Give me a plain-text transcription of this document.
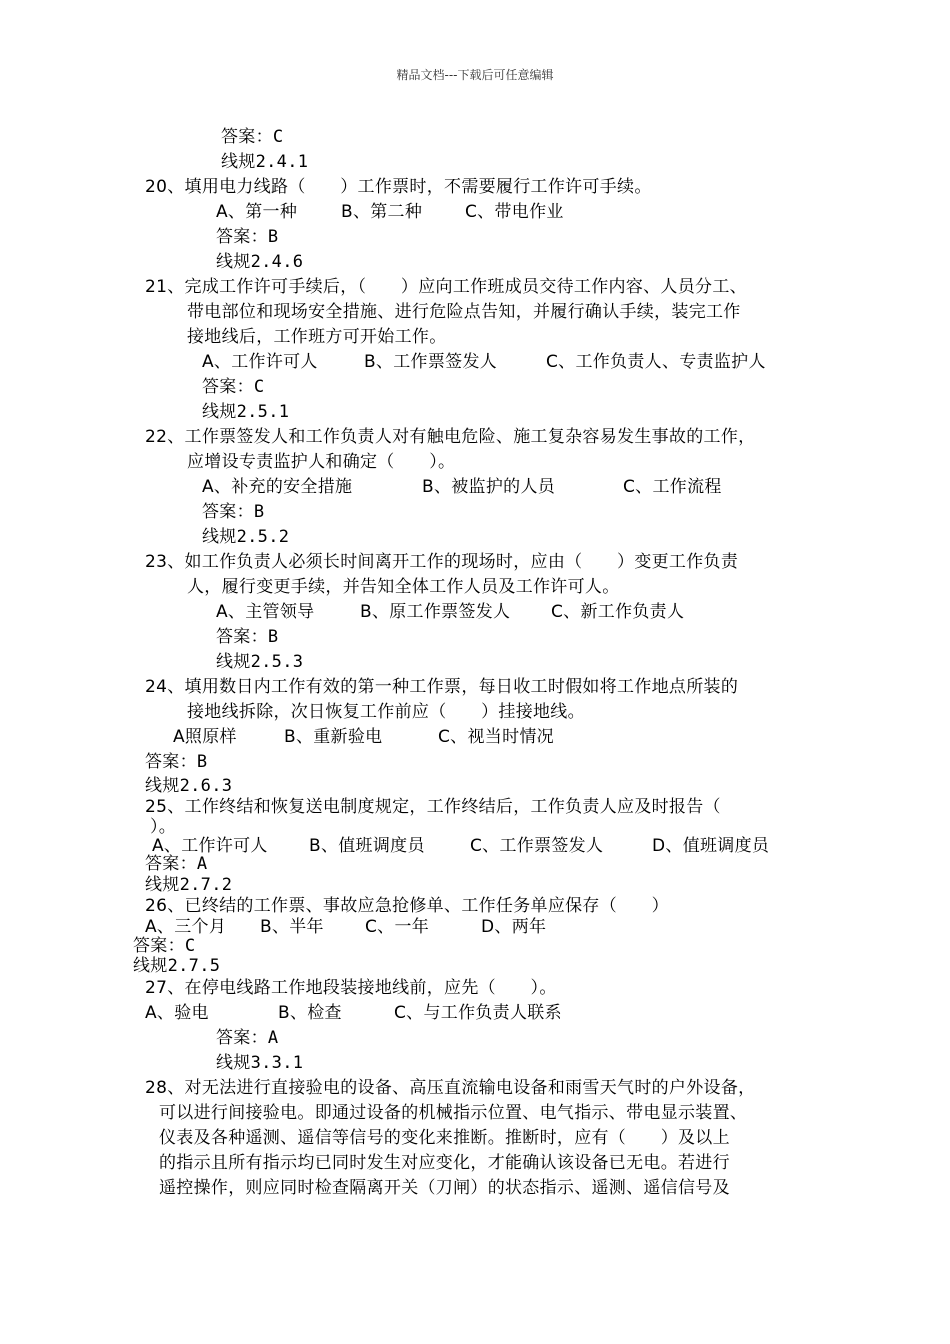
精品文档---下载后可任意编辑
答案：C
线规2.4.1
20、填用电力线路（　　）工作票时，不需要履行工作许可手续。
A、第一种	B、第二种	C、带电作业
答案：B
线规2.4.6
21、完成工作许可手续后，（　　）应向工作班成员交待工作内容、人员分工、
带电部位和现场安全措施、进行危险点告知，并履行确认手续，装完工作
接地线后，工作班方可开始工作。
A、工作许可人	B、工作票签发人	C、工作负责人、专责监护人
答案：C
线规2.5.1
22、工作票签发人和工作负责人对有触电危险、施工复杂容易发生事故的工作，
应增设专责监护人和确定（　　）。
A、补充的安全措施	B、被监护的人员	C、工作流程
答案：B
线规2.5.2
23、如工作负责人必须长时间离开工作的现场时，应由（　　）变更工作负责
人，履行变更手续，并告知全体工作人员及工作许可人。
A、主管领导	B、原工作票签发人 C、新工作负责人
答案：B
线规2.5.3
24、填用数日内工作有效的第一种工作票，每日收工时假如将工作地点所装的
接地线拆除，次日恢复工作前应（　　）挂接地线。
A照原样	B、重新验电	C、视当时情况
答案：B
线规2.6.3
25、工作终结和恢复送电制度规定，工作终结后，工作负责人应及时报告（
）。
A、工作许可人 B、值班调度员	C、工作票签发人	D、值班调度员
答案：A
线规2.7.2
26、已终结的工作票、事故应急抢修单、工作任务单应保存（　　）
A、三个月 B、半年 C、一年	D、两年
答案：C
线规2.7.5
27、在停电线路工作地段装接地线前，应先（　　）。
A、验电	B、检查	C、与工作负责人联系
答案：A
线规3.3.1
28、对无法进行直接验电的设备、高压直流输电设备和雨雪天气时的户外设备，
可以进行间接验电。即通过设备的机械指示位置、电气指示、带电显示装置、
仪表及各种遥测、遥信等信号的变化来推断。推断时，应有（　　）及以上
的指示且所有指示均已同时发生对应变化，才能确认该设备已无电。若进行
遥控操作，则应同时检查隔离开关（刀闸）的状态指示、遥测、遥信信号及
